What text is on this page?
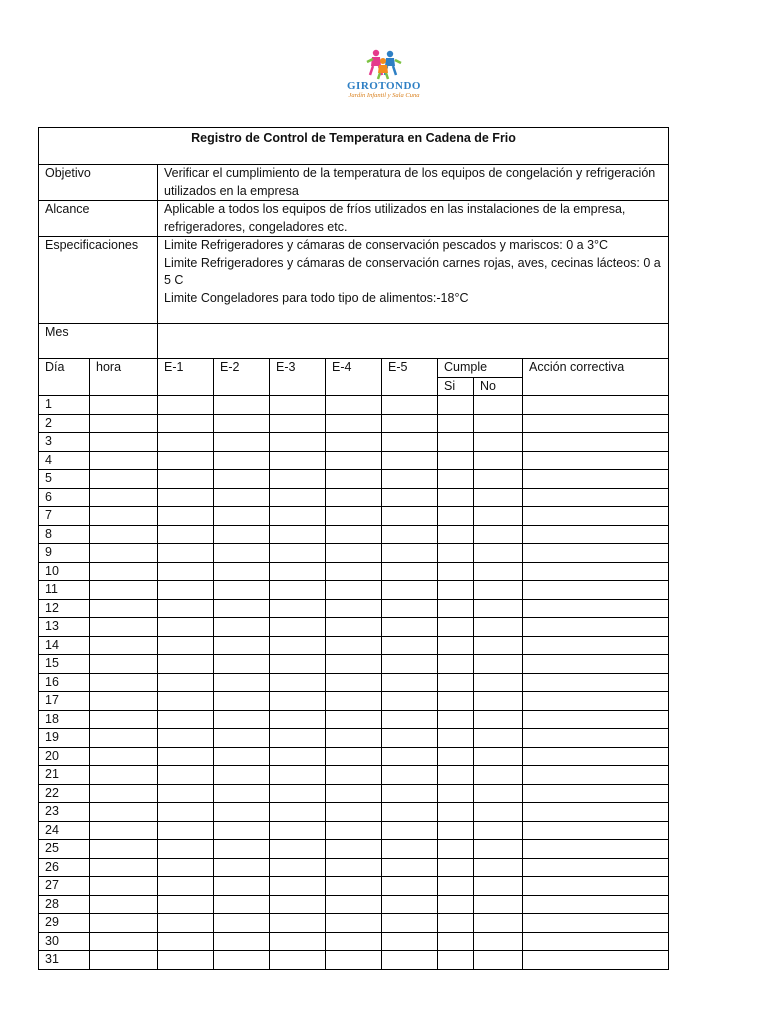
GIROTONDO
Jardín Infantil y Sala Cuna
Registro de Control de Temperatura en Cadena de Frio									
Objetivo		Verificar el cumplimiento de la temperatura de los equipos de congelación y refrigeración utilizados en la empresa							
Alcance		Aplicable a todos los equipos de fríos utilizados en las instalaciones de la empresa, refrigeradores, congeladores etc.							
Especificaciones		Limite Refrigeradores y cámaras de conservación pescados y mariscos: 0 a 3°C
Limite Refrigeradores y cámaras de conservación carnes rojas, aves, cecinas lácteos: 0 a 5 C
Limite Congeladores para todo tipo de alimentos:-18°C							

Mes									
Día	hora	E-1	E-2	E-3	E-4	E-5	Cumple		Acción correctiva
							Si	No	
1									
2									
3									
4									
5									
6									
7									
8									
9									
10									
11									
12									
13									
14									
15									
16									
17									
18									
19									
20									
21									
22									
23									
24									
25									
26									
27									
28									
29									
30									
31									
